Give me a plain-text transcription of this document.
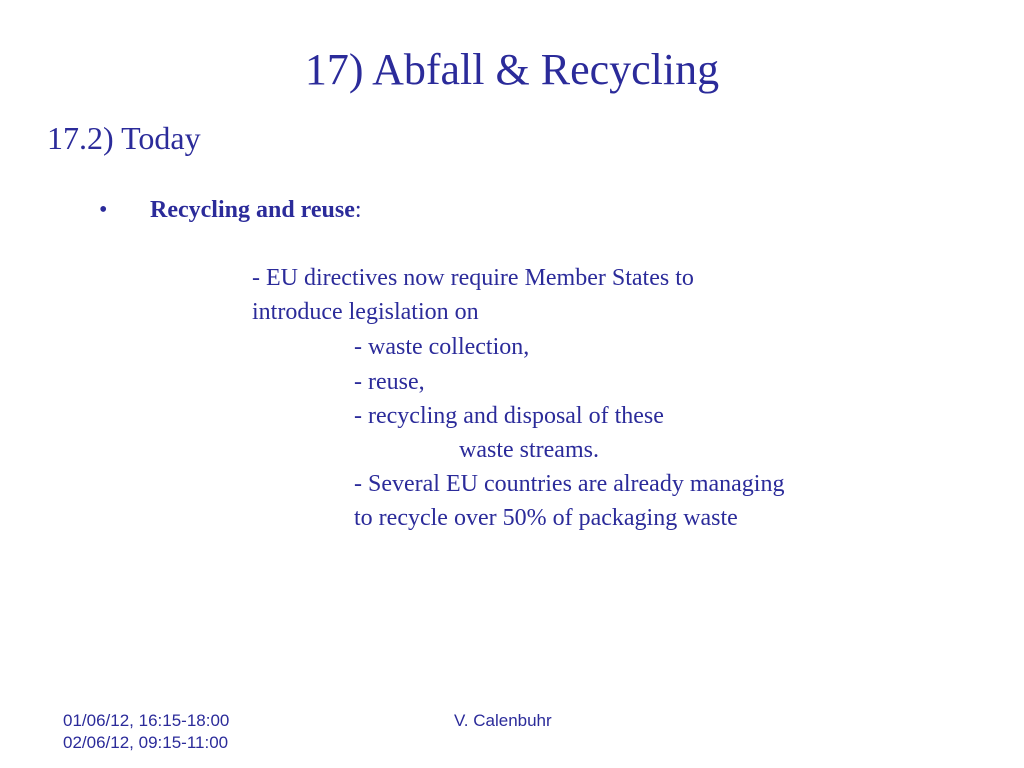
17) Abfall & Recycling
17.2) Today
• Recycling and reuse:
- EU directives now require Member States to
introduce legislation on
- waste collection,
- reuse,
- recycling and disposal of these
waste streams.
- Several EU countries are already managing
to recycle over 50% of packaging waste
01/06/12, 16:15-18:00
02/06/12, 09:15-11:00
V. Calenbuhr
